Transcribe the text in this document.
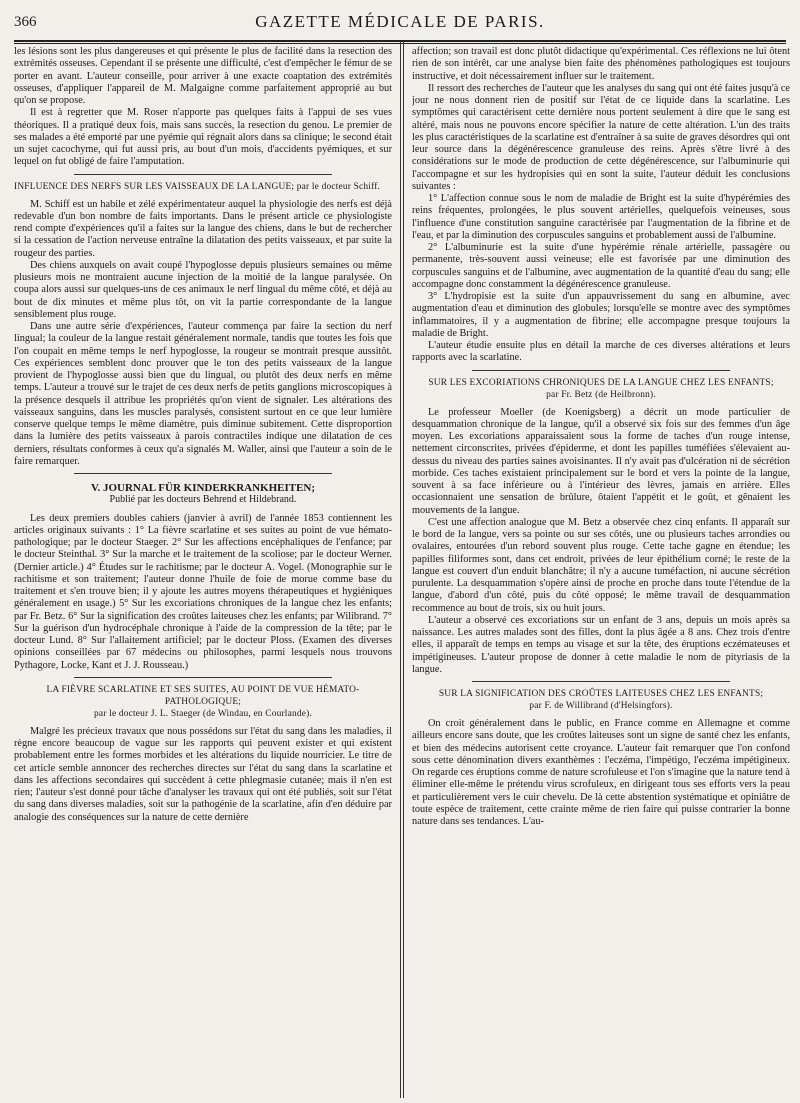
366	GAZETTE MÉDICALE DE PARIS.

les lésions sont les plus dangereuses et qui présente le plus de facilité dans la resection des extrémités osseuses. Cependant il se présente une difficulté, c'est d'empêcher le fémur de se porter en avant. L'auteur conseille, pour arriver à une exacte coaptation des extrémités osseuses, d'appliquer l'appareil de M. Malgaigne comme parfaitement approprié au but qu'on se propose.

Il est à regretter que M. Roser n'apporte pas quelques faits à l'appui de ses vues théoriques. Il a pratiqué deux fois, mais sans succès, la resection du genou. Le premier de ses malades a été emporté par une pyémie qui régnait alors dans sa clinique; le second était un sujet cacochyme, qui fut aussi pris, au bout d'un mois, d'accidents pyémiques, et sur lequel on fut obligé de faire l'amputation.

INFLUENCE DES NERFS SUR LES VAISSEAUX DE LA LANGUE; par le docteur Schiff.

M. Schiff est un habile et zélé expérimentateur auquel la physiologie des nerfs est déjà redevable d'un bon nombre de faits importants. Dans le présent article ce physiologiste rend compte d'expériences qu'il a faites sur la langue des chiens, dans le but de rechercher si la cessation de l'action nerveuse entraîne la dilatation des petits vaisseaux, et par suite la rougeur des parties.

Des chiens auxquels on avait coupé l'hypoglosse depuis plusieurs semaines ou même plusieurs mois ne montraient aucune injection de la moitié de la langue paralysée. On coupa alors aussi sur quelques-uns de ces animaux le nerf lingual du même côté, et déjà au bout de dix minutes et même plus tôt, on vit la partie correspondante de la langue sensiblement plus rouge.

Dans une autre série d'expériences, l'auteur commença par faire la section du nerf lingual; la couleur de la langue restait généralement normale, tandis que toutes les fois que l'on coupait en même temps le nerf hypoglosse, la rougeur se montrait presque aussitôt. Ces expériences semblent donc prouver que le ton des petits vaisseaux de la langue provient de l'hypoglosse aussi bien que du lingual, ou plutôt des deux nerfs en même temps. L'auteur a trouvé sur le trajet de ces deux nerfs de petits ganglions microscopiques à la présence desquels il attribue les propriétés qu'on vient de signaler. Les altérations des vaisseaux sanguins, dans les muscles paralysés, consistent surtout en ce que leur lumière conserve quelque temps le même diamètre, puis diminue subitement. Cette disproportion dans la lumière des petits vaisseaux à parois contractiles indique une dilatation de ces derniers, résultats conformes à ceux qu'a signalés M. Waller, ainsi que l'auteur a soin de le faire remarquer.

V. JOURNAL FÜR KINDERKRANKHEITEN;

Publié par les docteurs Behrend et Hildebrand.

Les deux premiers doubles cahiers (janvier à avril) de l'année 1853 contiennent les articles originaux suivants : 1° La fièvre scarlatine et ses suites au point de vue hémato-pathologique; par le docteur Staeger. 2° Sur les affections encéphaliques de l'enfance; par le docteur Steinthal. 3° Sur la marche et le traitement de la scoliose; par le docteur Werner. (Dernier article.) 4° Études sur le rachitisme; par le docteur A. Vogel. (Monographie sur le rachitisme et son traitement; l'auteur donne l'huile de foie de morue comme base du traitement et s'en trouve bien; il y ajoute les autres moyens thérapeutiques et hygiéniques généralement en usage.) 5° Sur les excoriations chroniques de la langue chez les enfants; par Fr. Betz. 6° Sur la signification des croûtes laiteuses chez les enfants; par Wilibrand. 7° Sur la guérison d'un hydrocéphale chronique à l'aide de la compression de la tête; par le docteur Lund. 8° Sur l'allaitement artificiel; par le docteur Ploss. (Examen des diverses opinions conseillées par 67 médecins ou philosophes, parmi lesquels nous trouvons Pythagore, Locke, Kant et J. J. Rousseau.)

LA FIÈVRE SCARLATINE ET SES SUITES, AU POINT DE VUE HÉMATO-PATHOLOGIQUE;
par le docteur J. L. Staeger (de Windau, en Courlande).

Malgré les précieux travaux que nous possédons sur l'état du sang dans les maladies, il règne encore beaucoup de vague sur les rapports qui peuvent exister et qui existent probablement entre les formes morbides et les altérations du liquide nourricier. Le titre de cet article semble annoncer des recherches directes sur l'état du sang dans la scarlatine et dans les affections secondaires qui succèdent à cette phlegmasie cutanée; mais il n'en est rien; l'auteur s'est donné pour tâche d'analyser les travaux qui ont été publiés, soit sur l'état du sang dans diverses maladies, soit sur la pathogénie de la scarlatine, afin d'en déduire par analogie des conséquences sur la nature de cette dernière

affection; son travail est donc plutôt didactique qu'expérimental. Ces réflexions ne lui ôtent rien de son intérêt, car une analyse bien faite des phénomènes pathologiques est toujours instructive, et doit nécessairement influer sur le traitement.

Il ressort des recherches de l'auteur que les analyses du sang qui ont été faites jusqu'à ce jour ne nous donnent rien de positif sur l'état de ce liquide dans la scarlatine. Les symptômes qui caractérisent cette dernière nous portent seulement à dire que le sang est altéré, mais nous ne pouvons encore spécifier la nature de cette altération. L'un des traits les plus caractéristiques de la scarlatine est d'entraîner à sa suite de graves désordres qui ont leur source dans la dégénérescence granuleuse des reins. Après s'être livré à des considérations sur le mode de production de cette dégénérescence, sur l'albuminurie qui l'accompagne et sur les hydropisies qui en sont la suite, l'auteur déduit les conclusions suivantes :

1° L'affection connue sous le nom de maladie de Bright est la suite d'hypérémies des reins fréquentes, prolongées, le plus souvent artérielles, quelquefois veineuses, sous l'influence d'une constitution sanguine caractérisée par l'augmentation de la fibrine et de l'eau, et par la diminution des corpuscules sanguins et probablement aussi de l'albumine.

2° L'albuminurie est la suite d'une hypérémie rénale artérielle, passagère ou permanente, très-souvent aussi veineuse; elle est favorisée par une diminution des corpuscules sanguins et de l'albumine, avec augmentation de la quantité d'eau du sang; elle accompagne donc constamment la dégénérescence granuleuse.

3° L'hydropisie est la suite d'un appauvrissement du sang en albumine, avec augmentation d'eau et diminution des globules; lorsqu'elle se montre avec des symptômes inflammatoires, il y a augmentation de fibrine; elle accompagne presque toujours la maladie de Bright.

L'auteur étudie ensuite plus en détail la marche de ces diverses altérations et leurs rapports avec la scarlatine.

SUR LES EXCORIATIONS CHRONIQUES DE LA LANGUE CHEZ LES ENFANTS;
par Fr. Betz (de Heilbronn).

Le professeur Moeller (de Koenigsberg) a décrit un mode particulier de desquammation chronique de la langue, qu'il a observé six fois sur des femmes d'un âge moyen. Les excoriations apparaissaient sous la forme de taches d'un rouge intense, nettement circonscrites, privées d'épiderme, et dont les papilles tuméfiées s'élevaient au-dessus du niveau des parties saines avoisinantes. Il n'y avait pas d'ulcération ni de sécrétion morbide. Ces taches existaient principalement sur le bord et vers la pointe de la langue, souvent à sa face inférieure ou à l'intérieur des lèvres, jamais en arrière. Elles occasionnaient une sensation de brûlure, ôtaient l'appétit et le goût, et gênaient les mouvements de la langue.

C'est une affection analogue que M. Betz a observée chez cinq enfants. Il apparaît sur le bord de la langue, vers sa pointe ou sur ses côtés, une ou plusieurs taches arrondies ou ovalaires, entourées d'un rebord souvent plus rouge. Cette tache gagne en étendue; les papilles filiformes sont, dans cet endroit, privées de leur épithélium corné; le reste de la langue est couvert d'un enduit blanchâtre; il n'y a aucune tuméfaction, ni aucune sécrétion purulente. La desquammation s'opère ainsi de proche en proche dans toute l'étendue de la langue, d'abord d'un côté, puis du côté opposé; le même travail de desquammation recommence au bout de trois, six ou huit jours.

L'auteur a observé ces excoriations sur un enfant de 3 ans, depuis un mois après sa naissance. Les autres malades sont des filles, dont la plus âgée a 8 ans. Chez trois d'entre elles, il apparaît de temps en temps au visage et sur la tête, des éruptions eczémateuses et impétigineuses. L'auteur propose de donner à cette maladie le nom de pityriasis de la langue.

SUR LA SIGNIFICATION DES CROÛTES LAITEUSES CHEZ LES ENFANTS;
par F. de Willibrand (d'Helsingfors).

On croit généralement dans le public, en France comme en Allemagne et comme ailleurs encore sans doute, que les croûtes laiteuses sont un signe de santé chez les enfants, et bien des médecins autorisent cette croyance. L'auteur fait remarquer que l'on confond sous cette dénomination divers exanthèmes : l'eczéma, l'impétigo, l'eczéma impétigineux. On regarde ces éruptions comme de nature scrofuleuse et l'on s'imagine que la nature tend à éliminer elle-même le prétendu virus scrofuleux, en dirigeant tous ses efforts vers la peau et particulièrement vers le cuir chevelu. De là cette abstention systématique et opiniâtre de toute espèce de traitement, cette crainte même de rien faire qui puisse contrarier la bonne nature dans ses tendances. L'au-
